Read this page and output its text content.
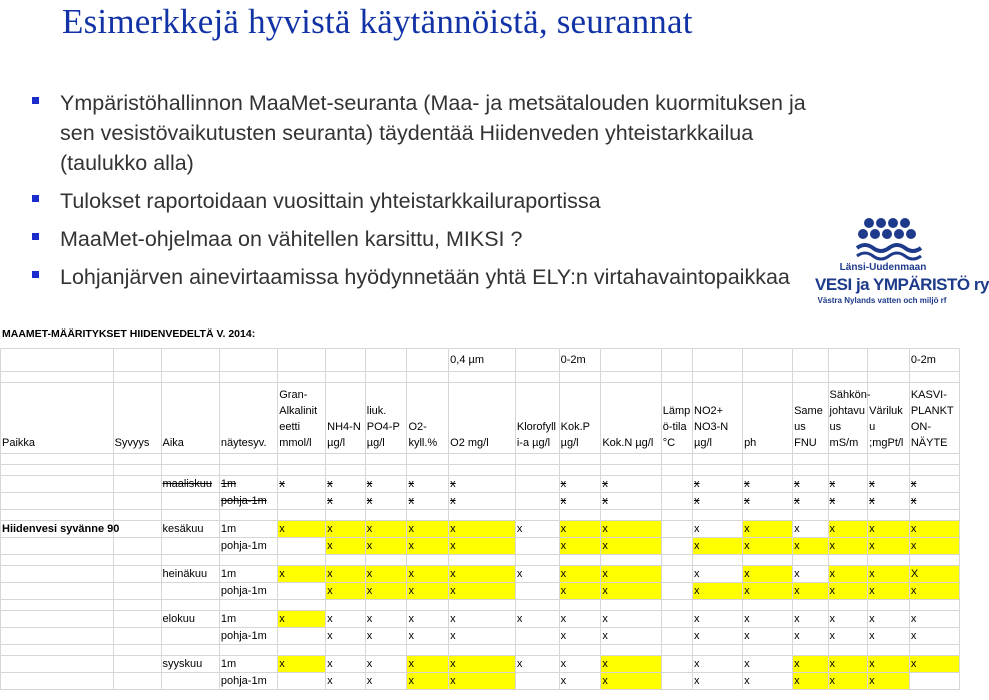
Esimerkkejä hyvistä käytännöistä, seurannat
Ympäristöhallinnon MaaMet-seuranta (Maa- ja metsätalouden kuormituksen ja sen vesistövaikutusten seuranta) täydentää Hiidenveden yhteistarkkailua (taulukko alla)
Tulokset raportoidaan vuosittain yhteistarkkailuraportissa
MaaMet-ohjelmaa on vähitellen karsittu, MIKSI ?
Lohjanjärven ainevirtaamissa hyödynnetään yhtä ELY:n virtahavaintopaikkaa	Länsi-Uudenmaan
VESI ja YMPÄRISTÖ ry
Västra Nylands vatten och miljö rf
MAAMET-MÄÄRITYKSET HIIDENVEDELTÄ V. 2014:
								0,4 µm		0-2m								0-2m

Paikka	Syvyys	Aika	näytesyv.	Gran-Alkalinit eetti mmol/l	NH4-N µg/l	liuk. PO4-P µg/l	O2-kyll.%	O2 mg/l	Klorofyll i-a µg/l	Kok.P µg/l	Kok.N µg/l	Lämp ö-tila °C	NO2+ NO3-N µg/l	ph	Same us FNU	Sähkön-johtavu us mS/m	Väriluk u ;mgPt/l	KASVI-PLANKT ON-NÄYTE

		maaliskuu	1m	x	x	x	x	x		x	x		x	x	x	x	x	x
			pohja-1m		x	x	x	x		x	x		x	x	x	x	x	x

Hiidenvesi syvänne 90		kesäkuu	1m	x	x	x	x	x	x	x	x		x	x	x	x	x	x
			pohja-1m		x	x	x	x		x	x		x	x	x	x	x	x

		heinäkuu	1m	x	x	x	x	x	x	x	x		x	x	x	x	x	X
			pohja-1m		x	x	x	x		x	x		x	x	x	x	x	x

		elokuu	1m	x	x	x	x	x	x	x	x		x	x	x	x	x	x
			pohja-1m		x	x	x	x		x	x		x	x	x	x	x	x

		syyskuu	1m	x	x	x	x	x	x	x	x		x	x	x	x	x	x
			pohja-1m		x	x	x	x		x	x		x	x	x	x	x	
